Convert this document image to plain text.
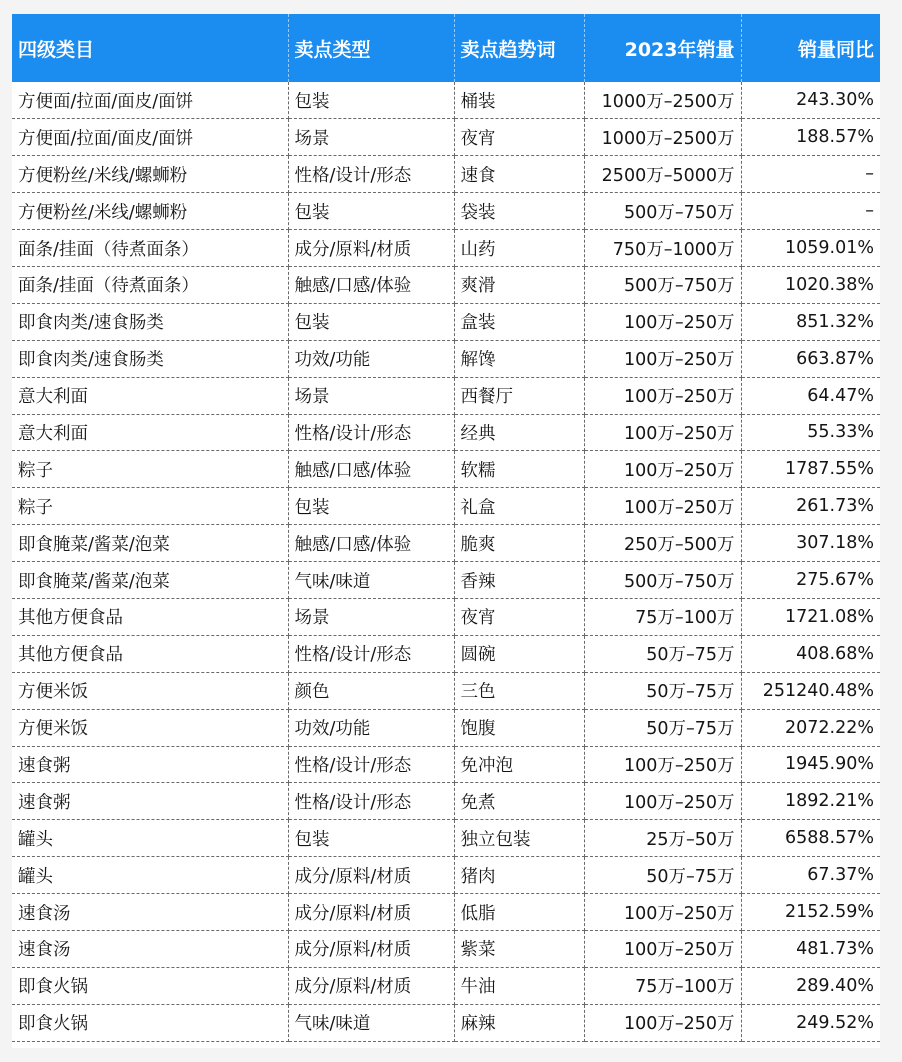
四级类目	卖点类型	卖点趋势词	2023年销量	销量同比
方便面/拉面/面皮/面饼	包装	桶装	1000万–2500万	243.30%
方便面/拉面/面皮/面饼	场景	夜宵	1000万–2500万	188.57%
方便粉丝/米线/螺蛳粉	性格/设计/形态	速食	2500万–5000万	–
方便粉丝/米线/螺蛳粉	包装	袋装	500万–750万	–
面条/挂面（待煮面条）	成分/原料/材质	山药	750万–1000万	1059.01%
面条/挂面（待煮面条）	触感/口感/体验	爽滑	500万–750万	1020.38%
即食肉类/速食肠类	包装	盒装	100万–250万	851.32%
即食肉类/速食肠类	功效/功能	解馋	100万–250万	663.87%
意大利面	场景	西餐厅	100万–250万	64.47%
意大利面	性格/设计/形态	经典	100万–250万	55.33%
粽子	触感/口感/体验	软糯	100万–250万	1787.55%
粽子	包装	礼盒	100万–250万	261.73%
即食腌菜/酱菜/泡菜	触感/口感/体验	脆爽	250万–500万	307.18%
即食腌菜/酱菜/泡菜	气味/味道	香辣	500万–750万	275.67%
其他方便食品	场景	夜宵	75万–100万	1721.08%
其他方便食品	性格/设计/形态	圆碗	50万–75万	408.68%
方便米饭	颜色	三色	50万–75万	251240.48%
方便米饭	功效/功能	饱腹	50万–75万	2072.22%
速食粥	性格/设计/形态	免冲泡	100万–250万	1945.90%
速食粥	性格/设计/形态	免煮	100万–250万	1892.21%
罐头	包装	独立包装	25万–50万	6588.57%
罐头	成分/原料/材质	猪肉	50万–75万	67.37%
速食汤	成分/原料/材质	低脂	100万–250万	2152.59%
速食汤	成分/原料/材质	紫菜	100万–250万	481.73%
即食火锅	成分/原料/材质	牛油	75万–100万	289.40%
即食火锅	气味/味道	麻辣	100万–250万	249.52%
